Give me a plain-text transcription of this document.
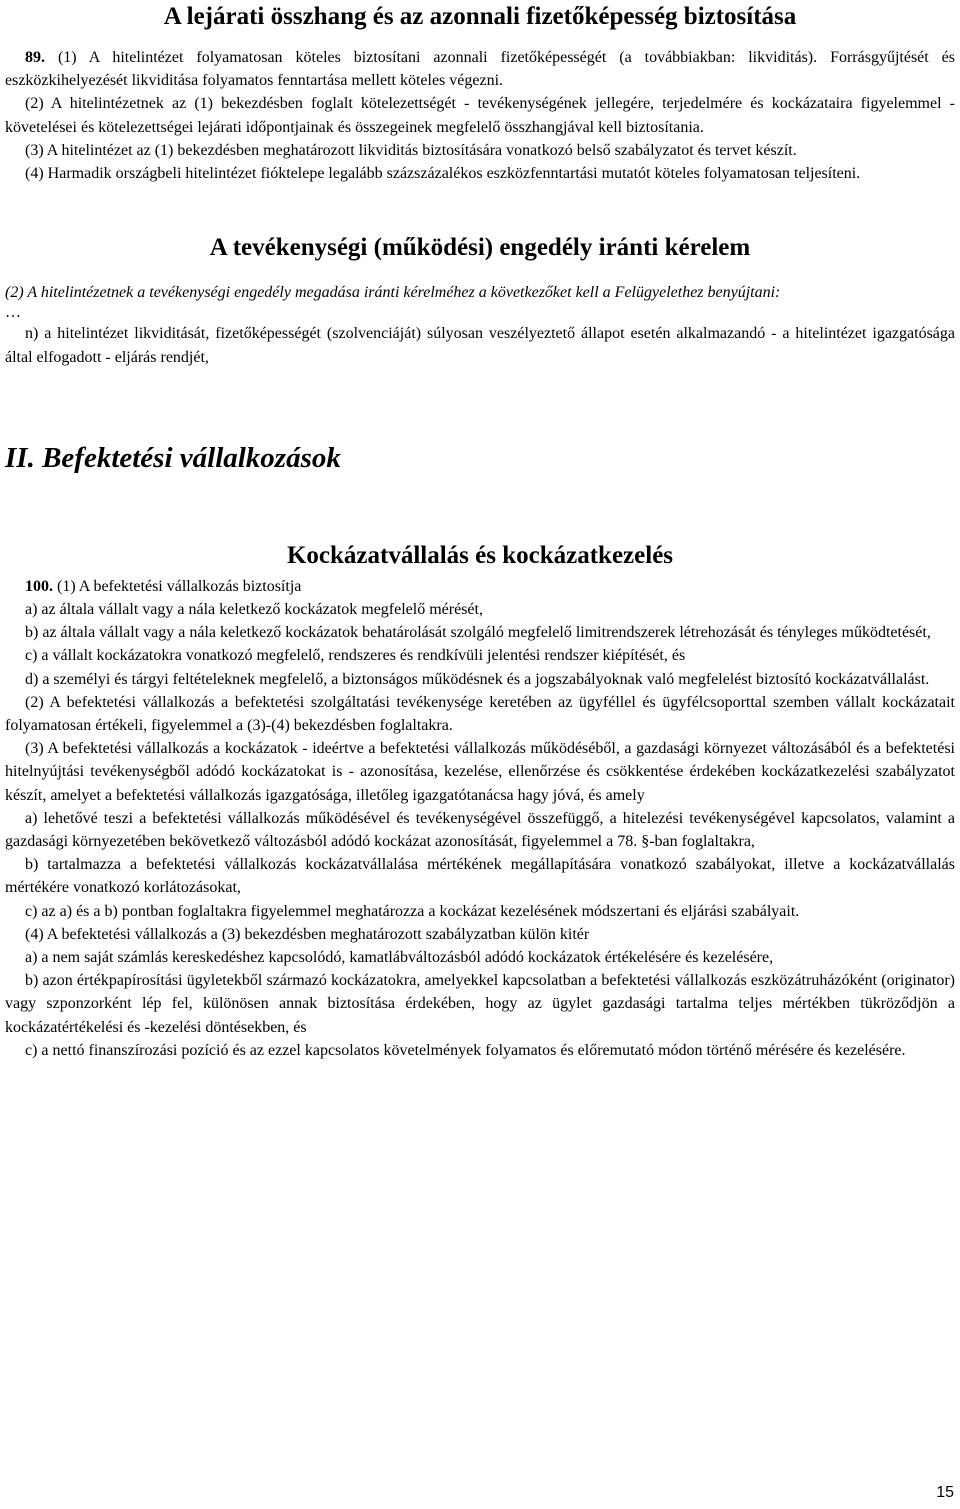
A lejárati összhang és az azonnali fizetőképesség biztosítása

89. (1) A hitelintézet folyamatosan köteles biztosítani azonnali fizetőképességét (a továbbiakban: likviditás). Forrásgyűjtését és eszközkihelyezését likviditása folyamatos fenntartása mellett köteles végezni.

(2) A hitelintézetnek az (1) bekezdésben foglalt kötelezettségét - tevékenységének jellegére, terjedelmére és kockázataira figyelemmel - követelései és kötelezettségei lejárati időpontjainak és összegeinek megfelelő összhangjával kell biztosítania.

(3) A hitelintézet az (1) bekezdésben meghatározott likviditás biztosítására vonatkozó belső szabályzatot és tervet készít.

(4) Harmadik országbeli hitelintézet fióktelepe legalább százszázalékos eszközfenntartási mutatót köteles folyamatosan teljesíteni.

A tevékenységi (működési) engedély iránti kérelem

(2) A hitelintézetnek a tevékenységi engedély megadása iránti kérelméhez a következőket kell a Felügyelethez benyújtani:

…

n) a hitelintézet likviditását, fizetőképességét (szolvenciáját) súlyosan veszélyeztető állapot esetén alkalmazandó - a hitelintézet igazgatósága által elfogadott - eljárás rendjét,

II. Befektetési vállalkozások
Kockázatvállalás és kockázatkezelés

100. (1) A befektetési vállalkozás biztosítja

a) az általa vállalt vagy a nála keletkező kockázatok megfelelő mérését,

b) az általa vállalt vagy a nála keletkező kockázatok behatárolását szolgáló megfelelő limitrendszerek létrehozását és tényleges működtetését,

c) a vállalt kockázatokra vonatkozó megfelelő, rendszeres és rendkívüli jelentési rendszer kiépítését, és

d) a személyi és tárgyi feltételeknek megfelelő, a biztonságos működésnek és a jogszabályoknak való megfelelést biztosító kockázatvállalást.

(2) A befektetési vállalkozás a befektetési szolgáltatási tevékenysége keretében az ügyféllel és ügyfélcsoporttal szemben vállalt kockázatait folyamatosan értékeli, figyelemmel a (3)-(4) bekezdésben foglaltakra.

(3) A befektetési vállalkozás a kockázatok - ideértve a befektetési vállalkozás működéséből, a gazdasági környezet változásából és a befektetési hitelnyújtási tevékenységből adódó kockázatokat is - azonosítása, kezelése, ellenőrzése és csökkentése érdekében kockázatkezelési szabályzatot készít, amelyet a befektetési vállalkozás igazgatósága, illetőleg igazgatótanácsa hagy jóvá, és amely

a) lehetővé teszi a befektetési vállalkozás működésével és tevékenységével összefüggő, a hitelezési tevékenységével kapcsolatos, valamint a gazdasági környezetében bekövetkező változásból adódó kockázat azonosítását, figyelemmel a 78. §-ban foglaltakra,

b) tartalmazza a befektetési vállalkozás kockázatvállalása mértékének megállapítására vonatkozó szabályokat, illetve a kockázatvállalás mértékére vonatkozó korlátozásokat,

c) az a) és a b) pontban foglaltakra figyelemmel meghatározza a kockázat kezelésének módszertani és eljárási szabályait.

(4) A befektetési vállalkozás a (3) bekezdésben meghatározott szabályzatban külön kitér

a) a nem saját számlás kereskedéshez kapcsolódó, kamatlábváltozásból adódó kockázatok értékelésére és kezelésére,

b) azon értékpapírosítási ügyletekből származó kockázatokra, amelyekkel kapcsolatban a befektetési vállalkozás eszközátruházóként (originator) vagy szponzorként lép fel, különösen annak biztosítása érdekében, hogy az ügylet gazdasági tartalma teljes mértékben tükröződjön a kockázatértékelési és -kezelési döntésekben, és

c) a nettó finanszírozási pozíció és az ezzel kapcsolatos követelmények folyamatos és előremutató módon történő mérésére és kezelésére.

15
